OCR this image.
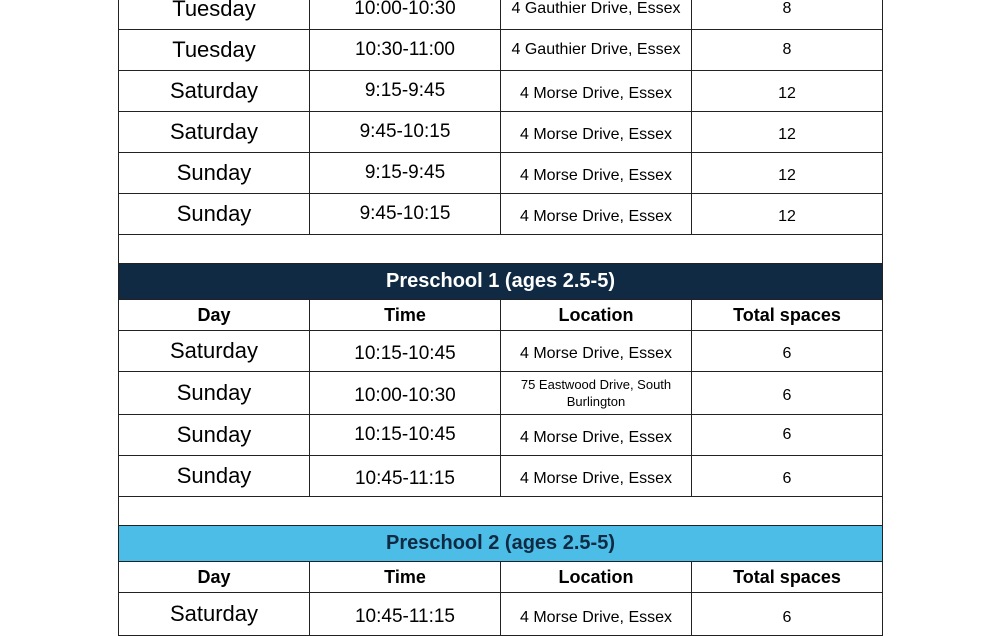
Tuesday	10:00-10:30	4 Gauthier Drive, Essex	8
Tuesday	10:30-11:00	4 Gauthier Drive, Essex	8
Saturday	9:15-9:45	4 Morse Drive, Essex	12
Saturday	9:45-10:15	4 Morse Drive, Essex	12
Sunday	9:15-9:45	4 Morse Drive, Essex	12
Sunday	9:45-10:15	4 Morse Drive, Essex	12

Preschool 1 (ages 2.5-5)			
Day	Time	Location	Total spaces
Saturday	10:15-10:45	4 Morse Drive, Essex	6
Sunday	10:00-10:30	75 Eastwood Drive, South Burlington	6
Sunday	10:15-10:45	4 Morse Drive, Essex	6
Sunday	10:45-11:15	4 Morse Drive, Essex	6

Preschool 2 (ages 2.5-5)			
Day	Time	Location	Total spaces
Saturday	10:45-11:15	4 Morse Drive, Essex	6
